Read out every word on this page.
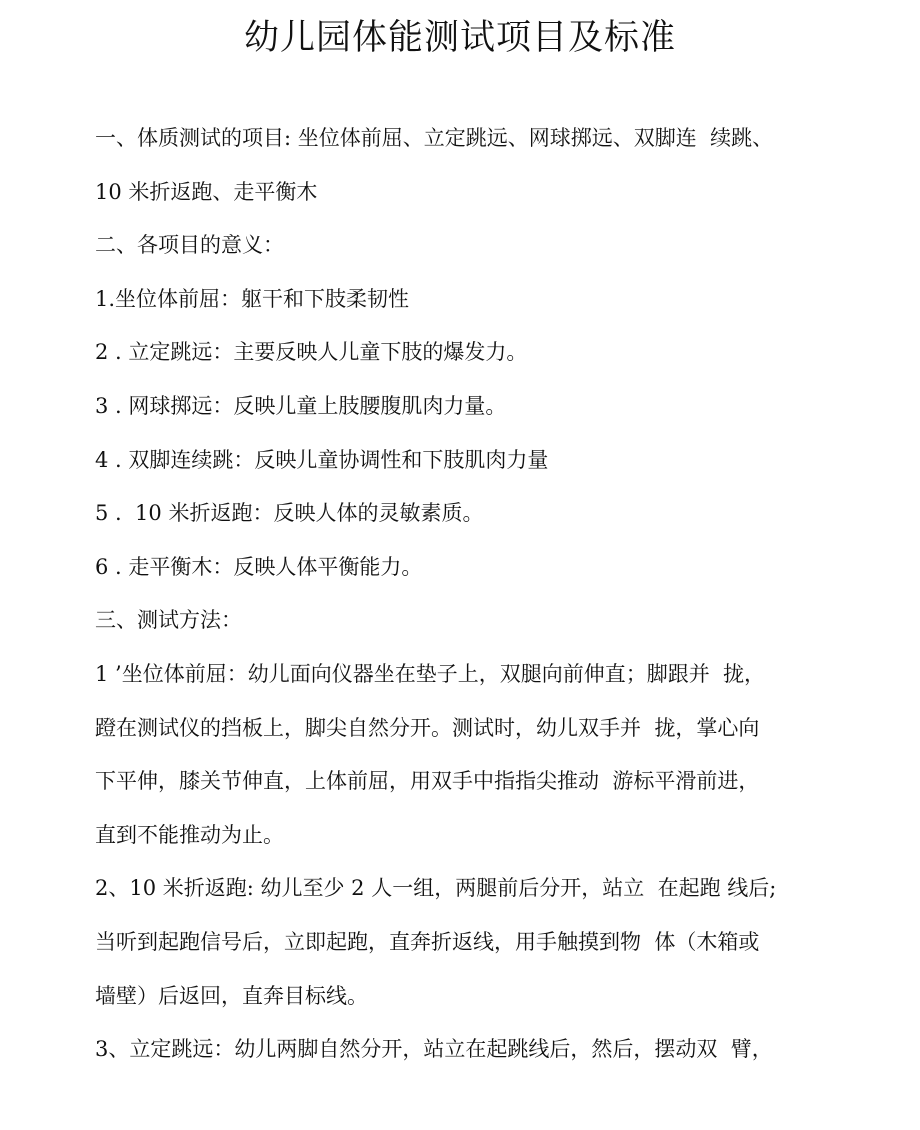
幼儿园体能测试项目及标准
一、体质测试的项目: 坐位体前屈、立定跳远、网球掷远、双脚连  续跳、
10 米折返跑、走平衡木
二、各项目的意义：
1.坐位体前屈：躯干和下肢柔韧性
2 . 立定跳远：主要反映人儿童下肢的爆发力。
3 . 网球掷远：反映儿童上肢腰腹肌肉力量。
4 . 双脚连续跳：反映儿童协调性和下肢肌肉力量
5 .  10 米折返跑：反映人体的灵敏素质。
6 . 走平衡木：反映人体平衡能力。
三、测试方法：
1 ’坐位体前屈：幼儿面向仪器坐在垫子上，双腿向前伸直；脚跟并  拢，
蹬在测试仪的挡板上，脚尖自然分开。测试时，幼儿双手并  拢，掌心向
下平伸，膝关节伸直，上体前屈，用双手中指指尖推动  游标平滑前进，
直到不能推动为止。
2、10 米折返跑: 幼儿至少 2 人一组，两腿前后分开，站立  在起跑 线后;
当听到起跑信号后，立即起跑，直奔折返线，用手触摸到物  体（木箱或
墙壁）后返回，直奔目标线。
3、立定跳远：幼儿两脚自然分开，站立在起跳线后，然后，摆动双  臂，
